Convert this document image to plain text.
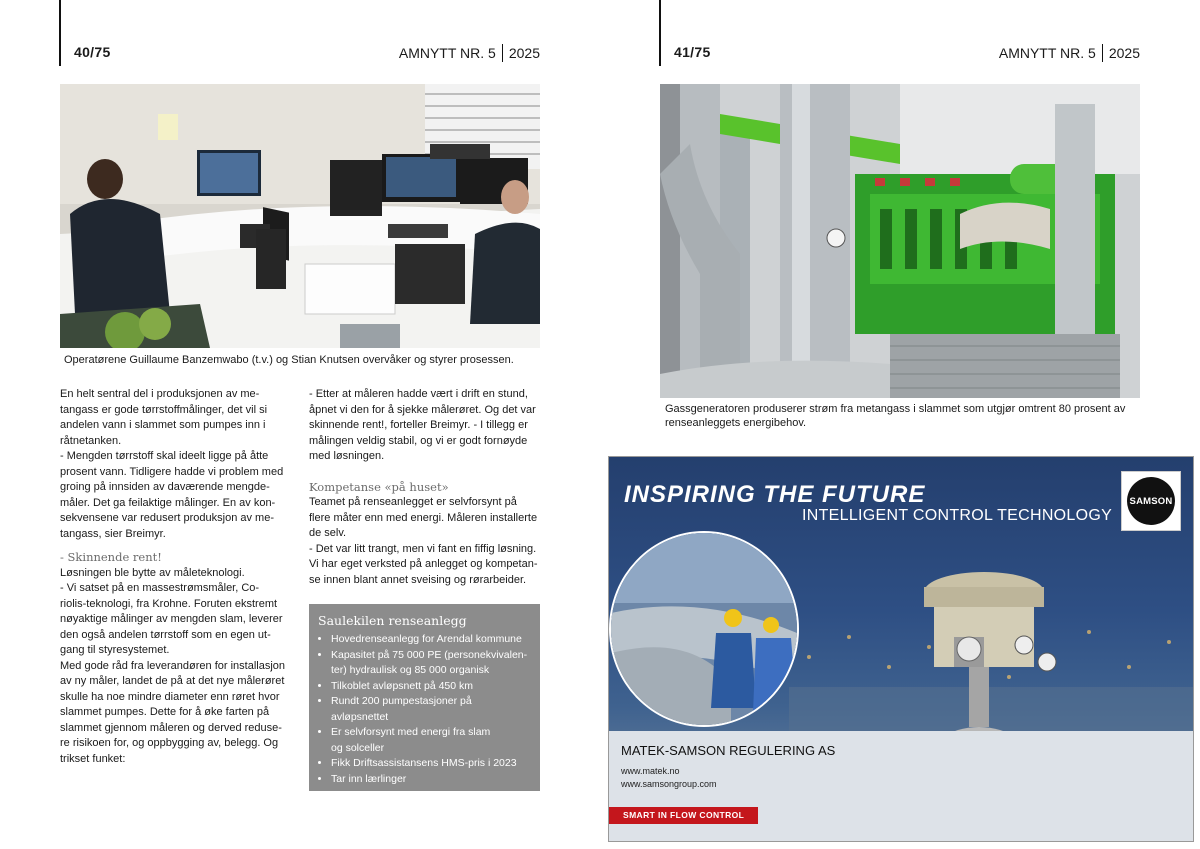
40/75	AMNYTT NR. 5 2025
Operatørene Guillaume Banzemwabo (t.v.) og Stian Knutsen overvåker og styrer prosessen.
En helt sentral del i produksjonen av me-
tangass er gode tørrstoffmålinger, det vil si
andelen vann i slammet som pumpes inn i
råtnetanken.
- Mengden tørrstoff skal ideelt ligge på åtte
prosent vann. Tidligere hadde vi problem med
groing på innsiden av daværende mengde-
måler. Det ga feilaktige målinger. En av kon-
sekvensene var redusert produksjon av me-
tangass, sier Breimyr.

- Skinnende rent!

Løsningen ble bytte av måleteknologi.
- Vi satset på en massestrømsmåler, Co-
riolis-teknologi, fra Krohne. Foruten ekstremt
nøyaktige målinger av mengden slam, leverer
den også andelen tørrstoff som en egen ut-
gang til styresystemet.
Med gode råd fra leverandøren for installasjon
av ny måler, landet de på at det nye målerøret
skulle ha noe mindre diameter enn røret hvor
slammet pumpes. Dette for å øke farten på
slammet gjennom måleren og derved reduse-
re risikoen for, og oppbygging av, belegg. Og
trikset funket:
- Etter at måleren hadde vært i drift en stund,
åpnet vi den for å sjekke målerøret. Og det var
skinnende rent!, forteller Breimyr. - I tillegg er
målingen veldig stabil, og vi er godt fornøyde
med løsningen.

Kompetanse «på huset»

Teamet på renseanlegget er selvforsynt på
flere måter enn med energi. Måleren installerte
de selv.
- Det var litt trangt, men vi fant en fiffig løsning.
Vi har eget verksted på anlegget og kompetan-
se innen blant annet sveising og rørarbeider.
Saulekilen renseanlegg
• Hovedrenseanlegg for Arendal kommune
• Kapasitet på 75 000 PE (personekvivalen-
ter) hydraulisk og 85 000 organisk
• Tilkoblet avløpsnett på 450 km
• Rundt 200 pumpestasjoner på
avløpsnettet
• Er selvforsynt med energi fra slam
og solceller
• Fikk Driftsassistansens HMS-pris i 2023
• Tar inn lærlinger
41/75	AMNYTT NR. 5 2025
Gassgeneratoren produserer strøm fra metangass i slammet som utgjør omtrent 80 prosent av
renseanleggets energibehov.
INSPIRING THE FUTURE
INTELLIGENT CONTROL TECHNOLOGY
SAMSON
MATEK-SAMSON REGULERING AS
www.matek.no
www.samsongroup.com
SMART IN FLOW CONTROL
